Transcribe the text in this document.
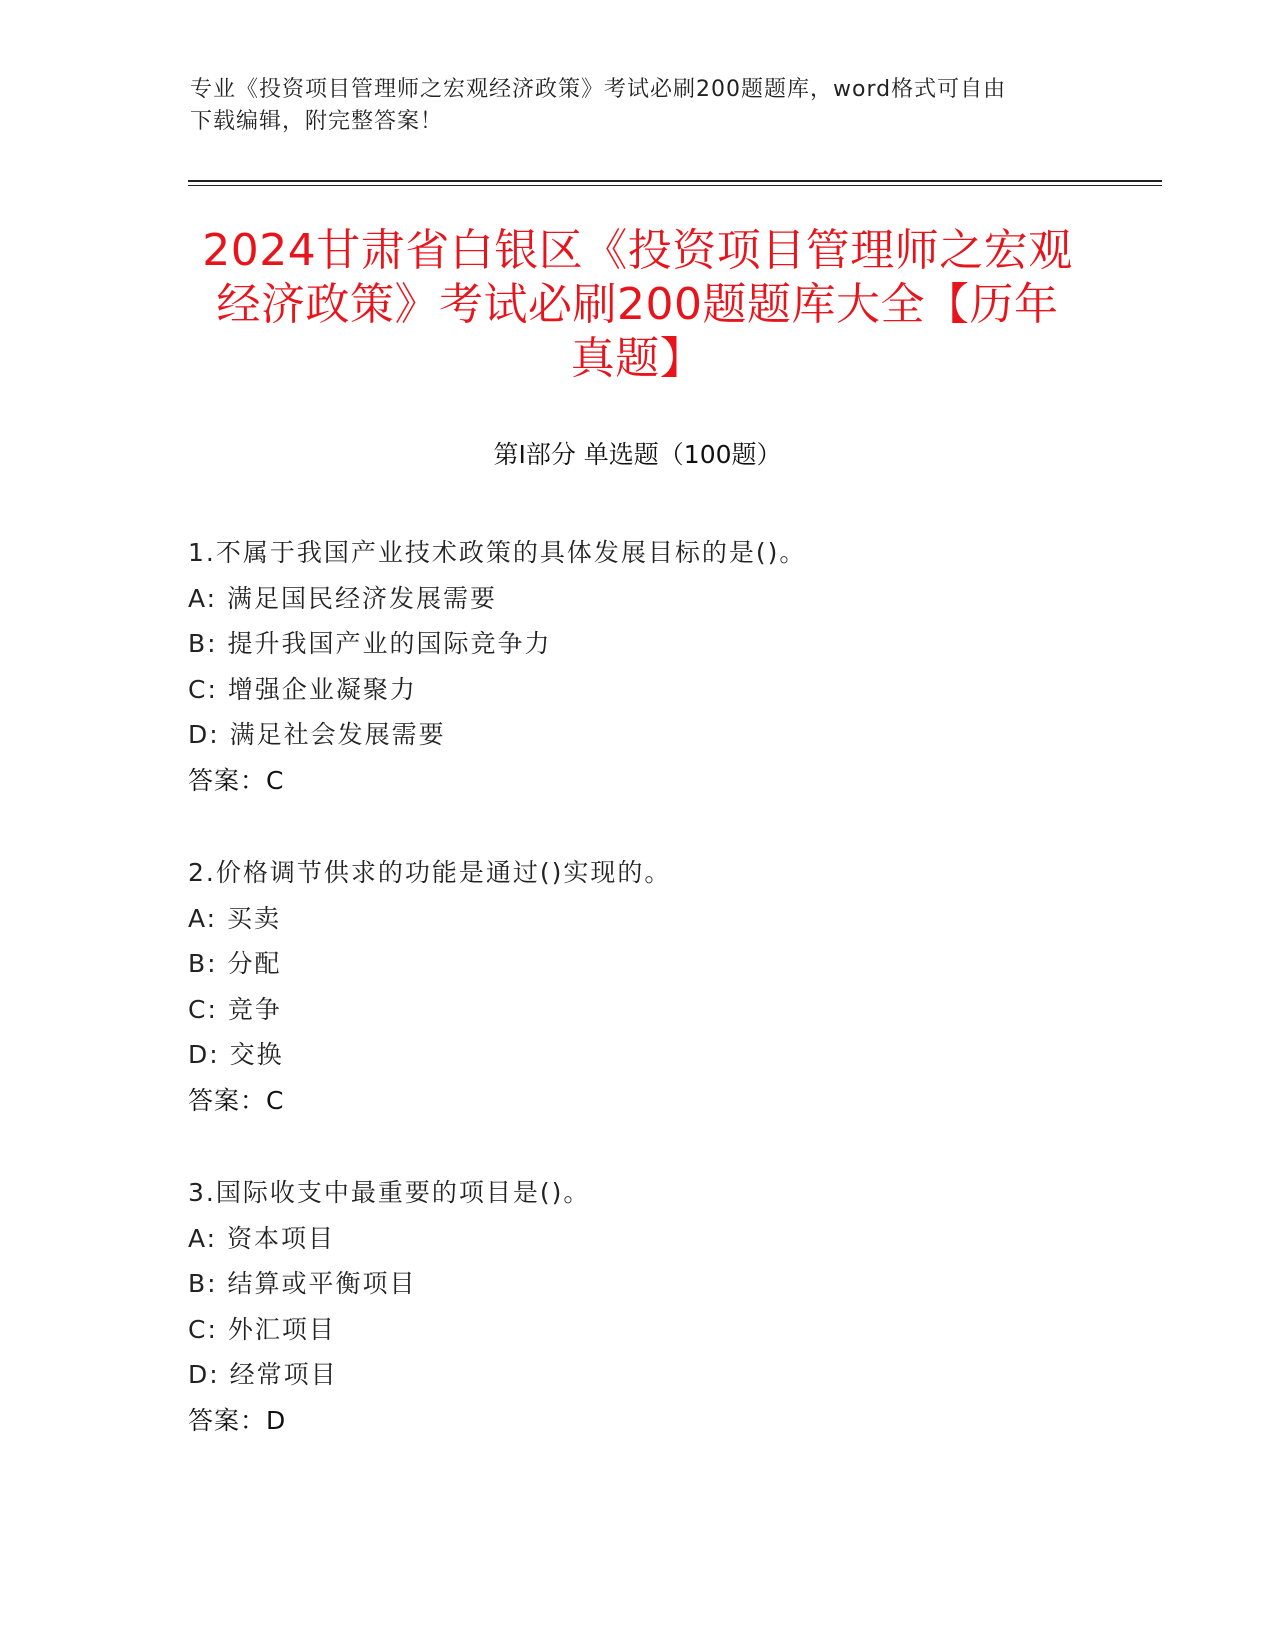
专业《投资项目管理师之宏观经济政策》考试必刷200题题库，word格式可自由
下载编辑，附完整答案！
2024甘肃省白银区《投资项目管理师之宏观
经济政策》考试必刷200题题库大全【历年
真题】
第Ⅰ部分 单选题（100题）
1.不属于我国产业技术政策的具体发展目标的是()。
A: 满足国民经济发展需要
B: 提升我国产业的国际竞争力
C: 增强企业凝聚力
D: 满足社会发展需要
答案：C
2.价格调节供求的功能是通过()实现的。
A: 买卖
B: 分配
C: 竞争
D: 交换
答案：C
3.国际收支中最重要的项目是()。
A: 资本项目
B: 结算或平衡项目
C: 外汇项目
D: 经常项目
答案：D
